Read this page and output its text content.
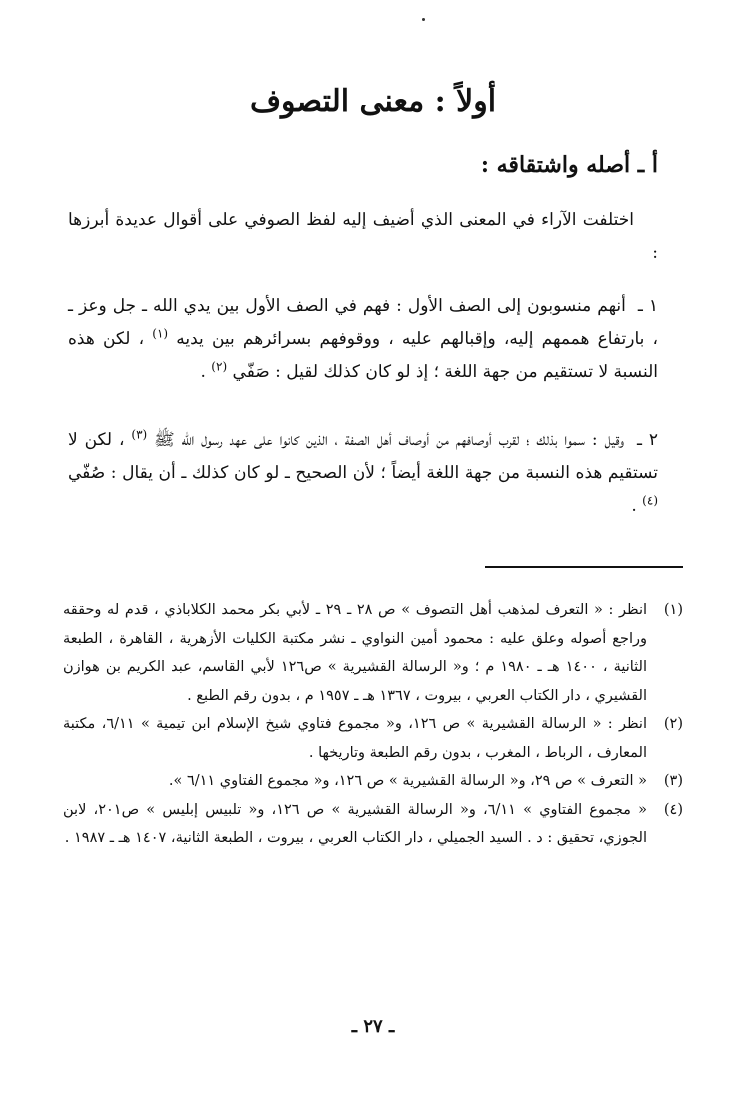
أولاً : معنى التصوف
أ ـ أصله واشتقاقه :

اختلفت الآراء في المعنى الذي أضيف إليه لفظ الصوفي على أقوال عديدة أبرزها :

١ ـ أنهم منسوبون إلى الصف الأول : فهم في الصف الأول بين يدي الله ـ جل وعز ـ ، بارتفاع هممهم إليه، وإقبالهم عليه ، ووقوفهم بسرائرهم بين يديه $^{(١)}$ ، لكن هذه النسبة لا تستقيم من جهة اللغة ؛ إذ لو كان كذلك لقيل : صَفّي $^{(٢)}$ .

٢ ـ وقيل : سموا بذلك ؛ لقرب أوصافهم من أوصاف أهل الصفة ، الذين كانوا على عهد رسول الله ﷺ $^{(٣)}$ ، لكن لا تستقيم هذه النسبة من جهة اللغة أيضاً ؛ لأن الصحيح ـ لو كان كذلك ـ أن يقال : صُفّي $^{(٤)}$ .

(١)انظر : « التعرف لمذهب أهل التصوف » ص ٢٨ ـ ٢٩ ـ لأبي بكر محمد الكلاباذي ، قدم له وحققه وراجع أصوله وعلق عليه : محمود أمين النواوي ـ نشر مكتبة الكليات الأزهرية ، القاهرة ، الطبعة الثانية ، ١٤٠٠ هـ ـ ١٩٨٠ م ؛ و« الرسالة القشيرية » ص١٢٦ لأبي القاسم، عبد الكريم بن هوازن القشيري ، دار الكتاب العربي ، بيروت ، ١٣٦٧ هـ ـ ١٩٥٧ م ، بدون رقم الطبع .
(٢)انظر : « الرسالة القشيرية » ص ١٢٦، و« مجموع فتاوي شيخ الإسلام ابن تيمية » ٦/١١، مكتبة المعارف ، الرباط ، المغرب ، بدون رقم الطبعة وتاريخها .
(٣)« التعرف » ص ٢٩، و« الرسالة القشيرية » ص ١٢٦، و« مجموع الفتاوي ٦/١١ ».
(٤)« مجموع الفتاوي » ٦/١١، و« الرسالة القشيرية » ص ١٢٦، و« تلبيس إبليس » ص٢٠١، لابن الجوزي، تحقيق : د . السيد الجميلي ، دار الكتاب العربي ، بيروت ، الطبعة الثانية، ١٤٠٧ هـ ـ ١٩٨٧ .
ـ ٢٧ ـ
